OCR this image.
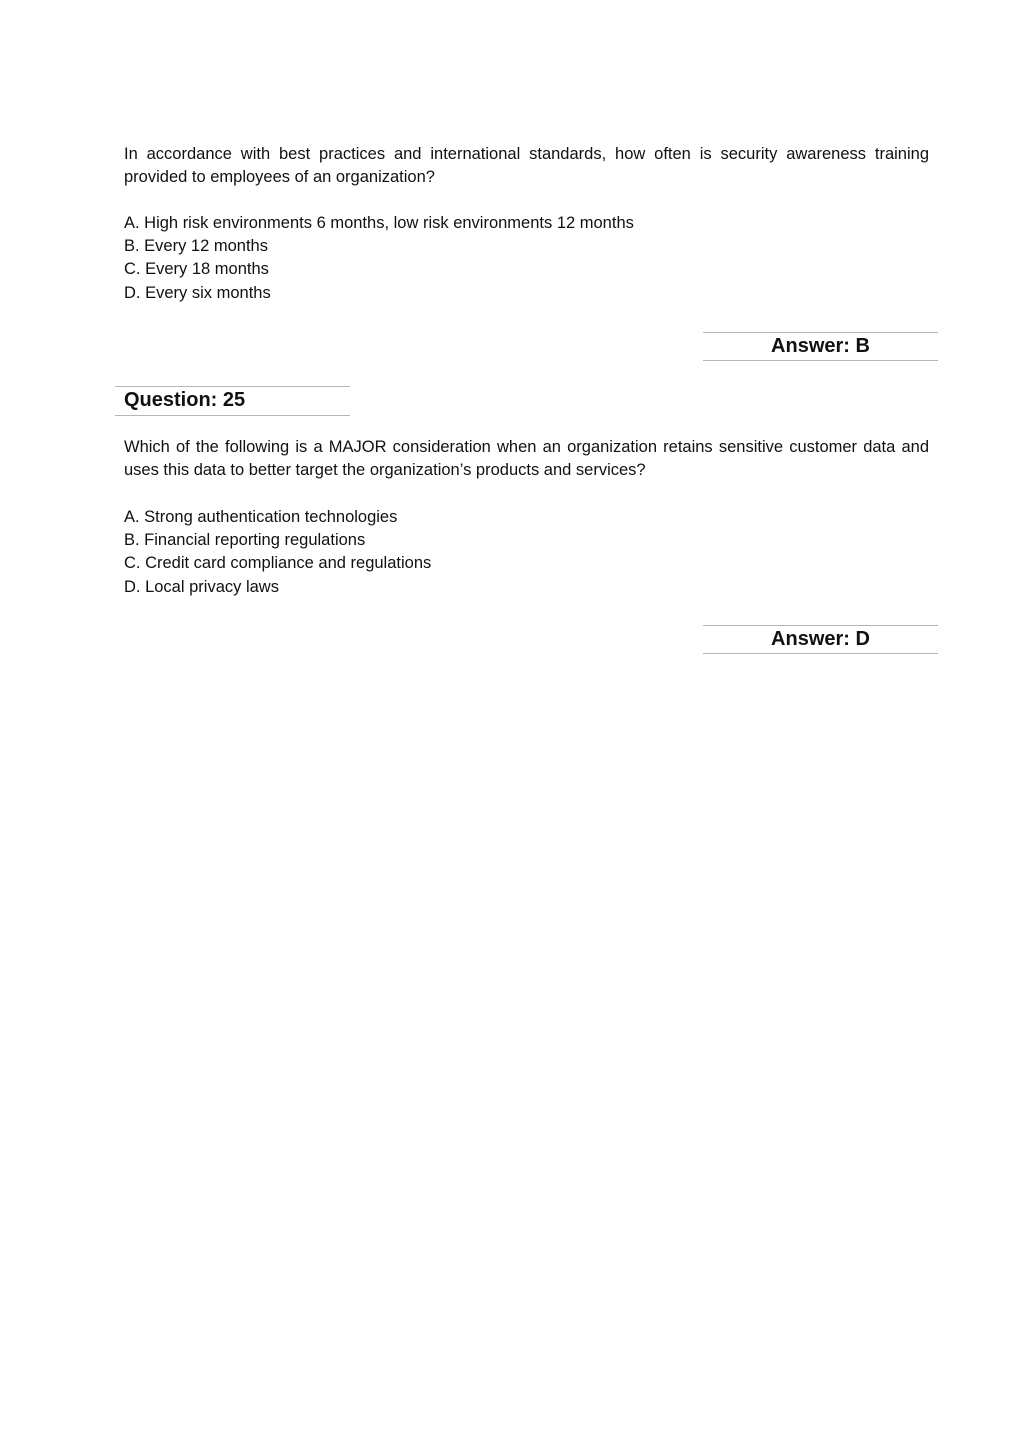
In accordance with best practices and international standards, how often is security awareness training provided to employees of an organization?
A. High risk environments 6 months, low risk environments 12 months
B. Every 12 months
C. Every 18 months
D. Every six months
Answer: B
Question: 25
Which of the following is a MAJOR consideration when an organization retains sensitive customer data and uses this data to better target the organization’s products and services?
A. Strong authentication technologies
B. Financial reporting regulations
C. Credit card compliance and regulations
D. Local privacy laws
Answer: D
